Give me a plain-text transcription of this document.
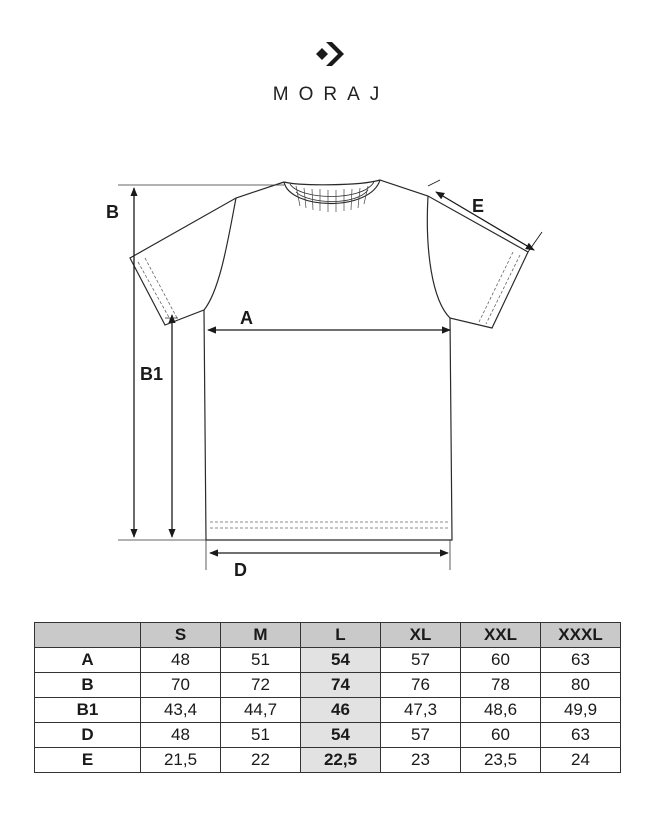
MORAJ
B	E
A
B1
D
	S	M	L	XL	XXL	XXXL
A	48	51	54	57	60	63
B	70	72	74	76	78	80
B1	43,4	44,7	46	47,3	48,6	49,9
D	48	51	54	57	60	63
E	21,5	22	22,5	23	23,5	24
